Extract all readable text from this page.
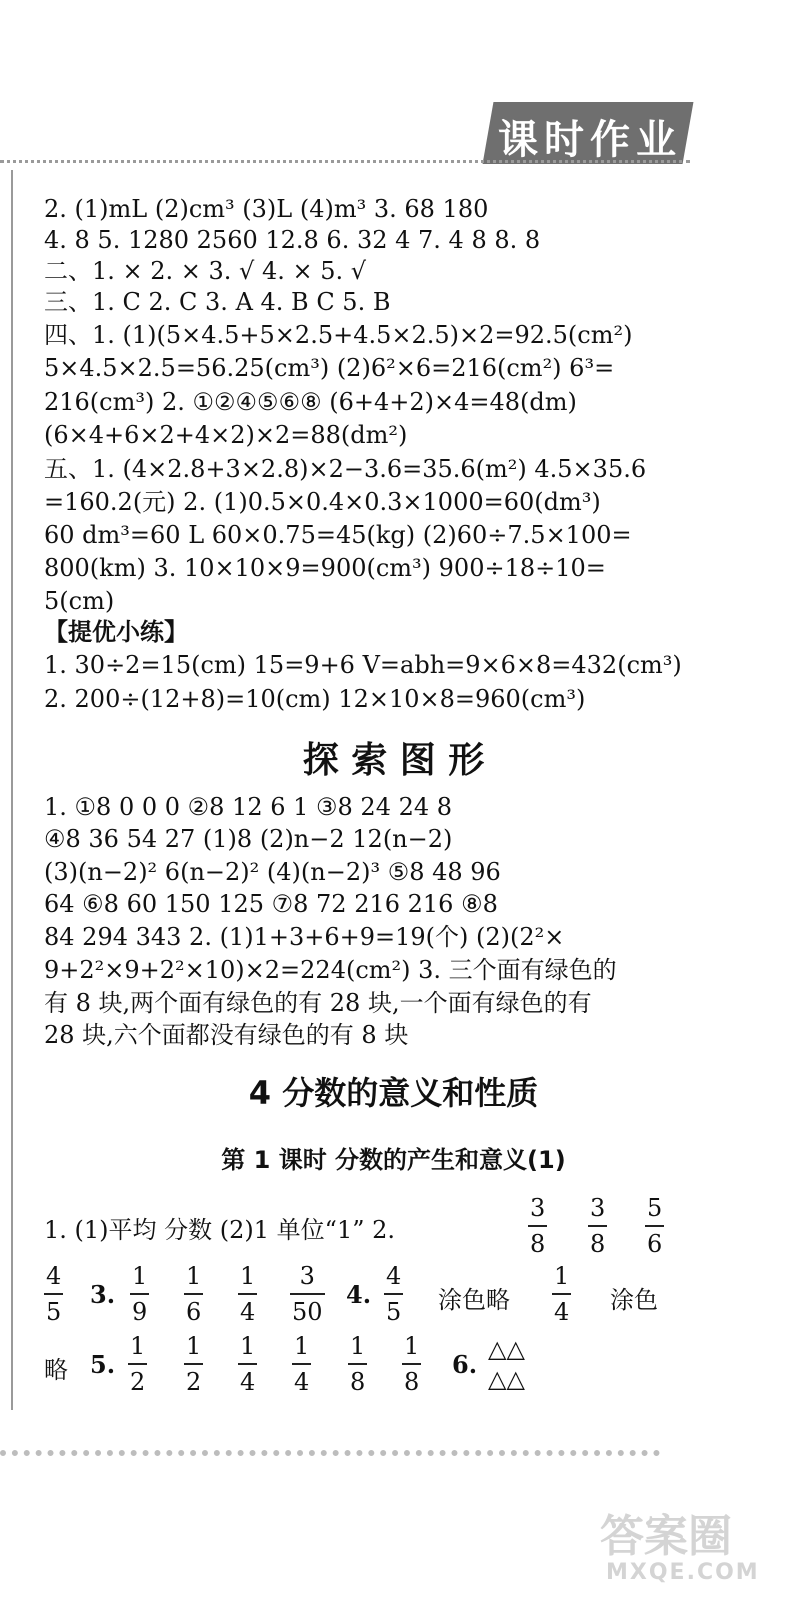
课时作业
2. (1)mL (2)cm³ (3)L (4)m³ 3. 68 180
4. 8 5. 1280 2560 12.8 6. 32 4 7. 4 8 8. 8
二、1. × 2. × 3. √ 4. × 5. √
三、1. C 2. C 3. A 4. B C 5. B
四、1. (1)(5×4.5+5×2.5+4.5×2.5)×2=92.5(cm²)
5×4.5×2.5=56.25(cm³) (2)6²×6=216(cm²) 6³=
216(cm³) 2. ①②④⑤⑥⑧ (6+4+2)×4=48(dm)
(6×4+6×2+4×2)×2=88(dm²)
五、1. (4×2.8+3×2.8)×2−3.6=35.6(m²) 4.5×35.6
=160.2(元) 2. (1)0.5×0.4×0.3×1000=60(dm³)
60 dm³=60 L 60×0.75=45(kg) (2)60÷7.5×100=
800(km) 3. 10×10×9=900(cm³) 900÷18÷10=
5(cm)
【提优小练】
1. 30÷2=15(cm) 15=9+6 V=abh=9×6×8=432(cm³)
2. 200÷(12+8)=10(cm) 12×10×8=960(cm³)
探 索 图 形
1. ①8 0 0 0 ②8 12 6 1 ③8 24 24 8
④8 36 54 27 (1)8 (2)n−2 12(n−2)
(3)(n−2)² 6(n−2)² (4)(n−2)³ ⑤8 48 96
64 ⑥8 60 150 125 ⑦8 72 216 216 ⑧8
84 294 343 2. (1)1+3+6+9=19(个) (2)(2²×
9+2²×9+2²×10)×2=224(cm²) 3. 三个面有绿色的
有 8 块,两个面有绿色的有 28 块,一个面有绿色的有
28 块,六个面都没有绿色的有 8 块
4 分数的意义和性质
第 1 课时 分数的产生和意义(1)
1. (1)平均 分数 (2)1 单位“1” 2.
3
8
3
8
5
6
4
5
3.
1
9
1
6
1
4
3
50
4.
4
5 涂色略
1
4 涂色
略 5.
1
2
1
2
1
4
1
4
1
8
1
8
6.
△△
△△
答案圈
MXQE.COM
